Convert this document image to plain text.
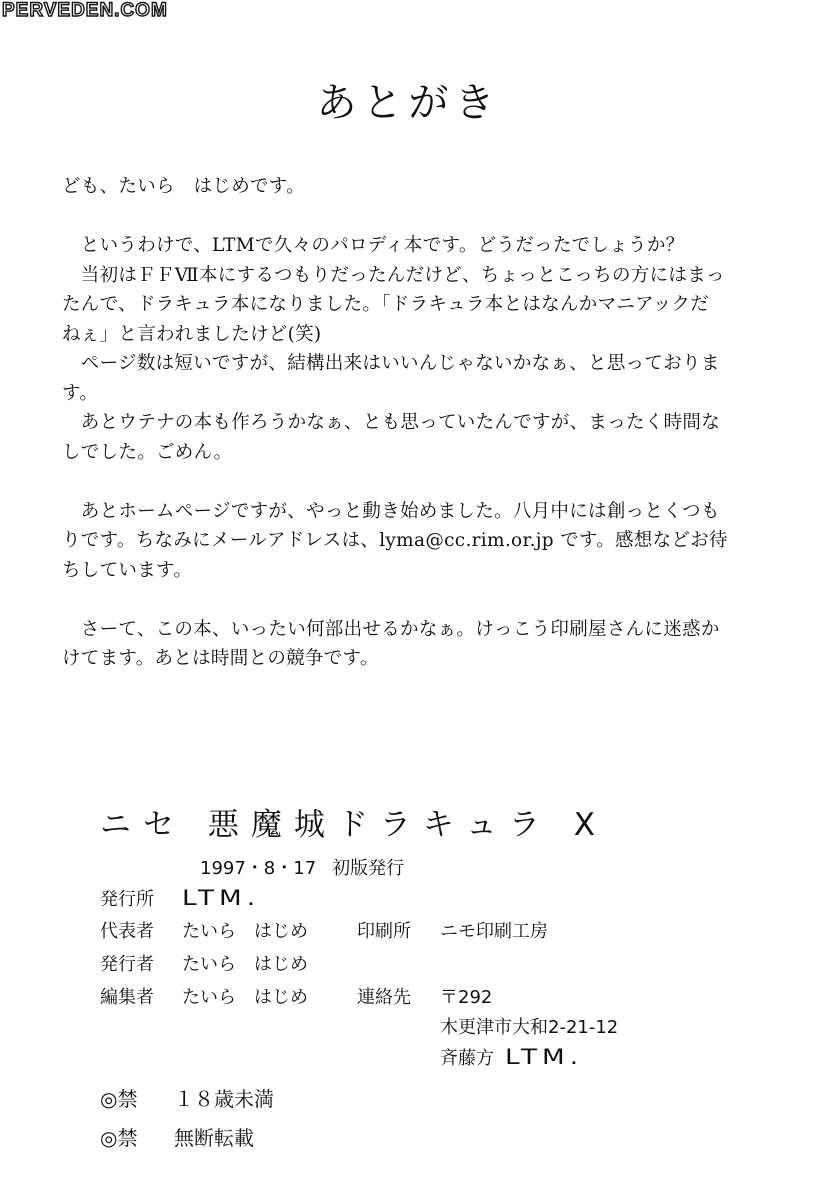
PERVEDEN.COM
あとがき
ども、たいら　はじめです。
　というわけで、LTMで久々のパロディ本です。どうだったでしょうか？
　当初はＦＦⅦ本にするつもりだったんだけど、ちょっとこっちの方にはまっ
たんで、ドラキュラ本になりました。「ドラキュラ本とはなんかマニアックだ
ねぇ」と言われましたけど(笑)
　ページ数は短いですが、結構出来はいいんじゃないかなぁ、と思っておりま
す。
　あとウテナの本も作ろうかなぁ、とも思っていたんですが、まったく時間な
しでした。ごめん。
　あとホームページですが、やっと動き始めました。八月中には創っとくつも
りです。ちなみにメールアドレスは、lyma@cc.rim.or.jp です。感想などお待
ちしています。
　さーて、この本、いったい何部出せるかなぁ。けっこう印刷屋さんに迷惑か
けてます。あとは時間との競争です。
ニセ 悪魔城ドラキュラ X
1997・8・17 初版発行
発行所 LTM.
代表者 たいら　はじめ	印刷所 ニモ印刷工房
発行者 たいら　はじめ
編集者 たいら　はじめ	連絡先 〒292
木更津市大和2-21-12
斉藤方 LTM.
◎禁 １８歳未満
◎禁 無断転載
